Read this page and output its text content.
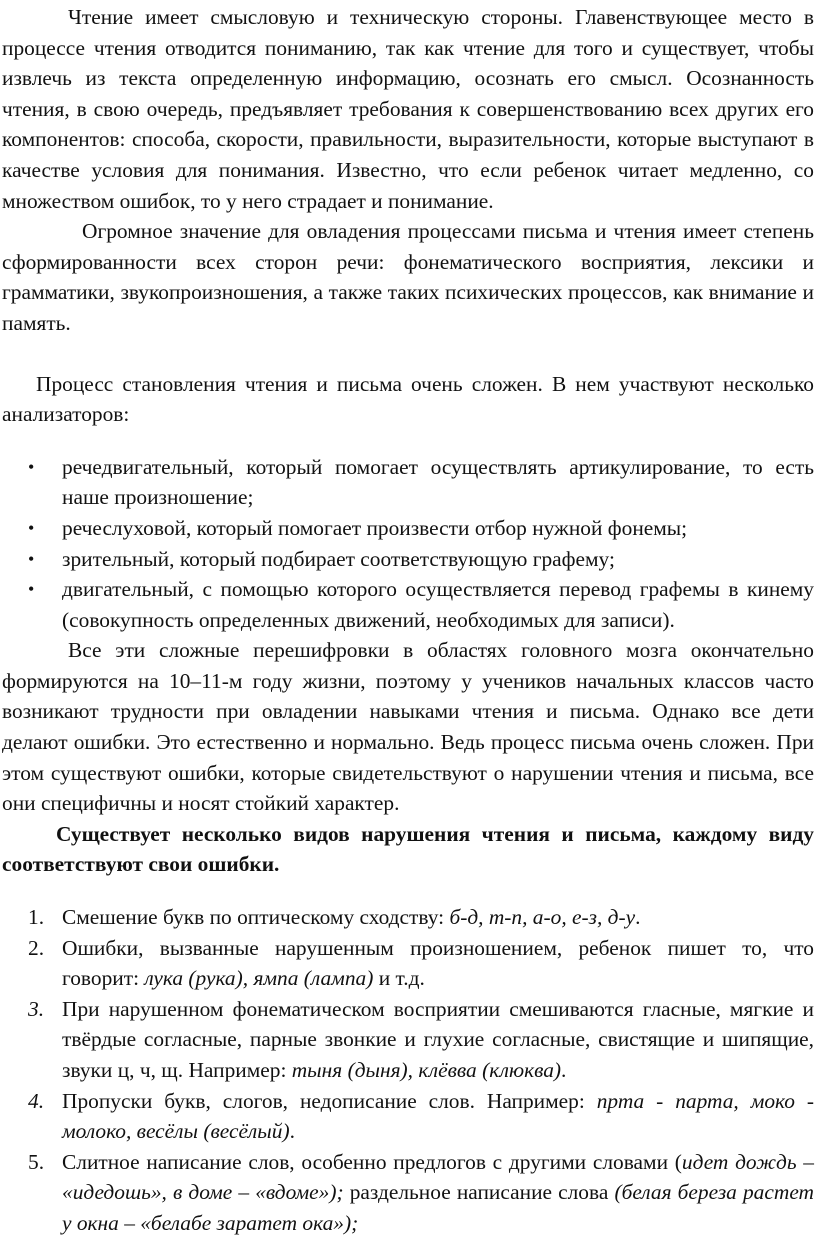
Чтение имеет смысловую и техническую стороны. Главенствующее место в процессе чтения отводится пониманию, так как чтение для того и существует, чтобы извлечь из текста определенную информацию, осознать его смысл. Осознанность чтения, в свою очередь, предъявляет требования к совершенствованию всех других его компонентов: способа, скорости, правильности, выразительности, которые выступают в качестве условия для понимания. Известно, что если ребенок читает медленно, со множеством ошибок, то у него страдает и понимание.

Огромное значение для овладения процессами письма и чтения имеет степень сформированности всех сторон речи: фонематического восприятия, лексики и грамматики, звукопроизношения, а также таких психических процессов, как внимание и память.

Процесс становления чтения и письма очень сложен. В нем участвуют несколько анализаторов:

• речедвигательный, который помогает осуществлять артикулирование, то есть наше произношение;
• речеслуховой, который помогает произвести отбор нужной фонемы;
• зрительный, который подбирает соответствующую графему;
• двигательный, с помощью которого осуществляется перевод графемы в кинему (совокупность определенных движений, необходимых для записи).

Все эти сложные перешифровки в областях головного мозга окончательно формируются на 10–11-м году жизни, поэтому у учеников начальных классов часто возникают трудности при овладении навыками чтения и письма. Однако все дети делают ошибки. Это естественно и нормально. Ведь процесс письма очень сложен. При этом существуют ошибки, которые свидетельствуют о нарушении чтения и письма, все они специфичны и носят стойкий характер.

Существует несколько видов нарушения чтения и письма, каждому виду соответствуют свои ошибки.

1. Смешение букв по оптическому сходству: б-д, т-п, а-о, е-з, д-у.
2. Ошибки, вызванные нарушенным произношением, ребенок пишет то, что говорит: лука (рука), ямпа (лампа) и т.д.
3. При нарушенном фонематическом восприятии смешиваются гласные, мягкие и твёрдые согласные, парные звонкие и глухие согласные, свистящие и шипящие, звуки ц, ч, щ. Например: тыня (дыня), клёвва (клюква).
4. Пропуски букв, слогов, недописание слов. Например: прта - парта, моко - молоко, весёлы (весёлый).
5. Слитное написание слов, особенно предлогов с другими словами (идет дождь – «идедошь», в доме – «вдоме»); раздельное написание слова (белая береза растет у окна – «белабе заратет ока»);
